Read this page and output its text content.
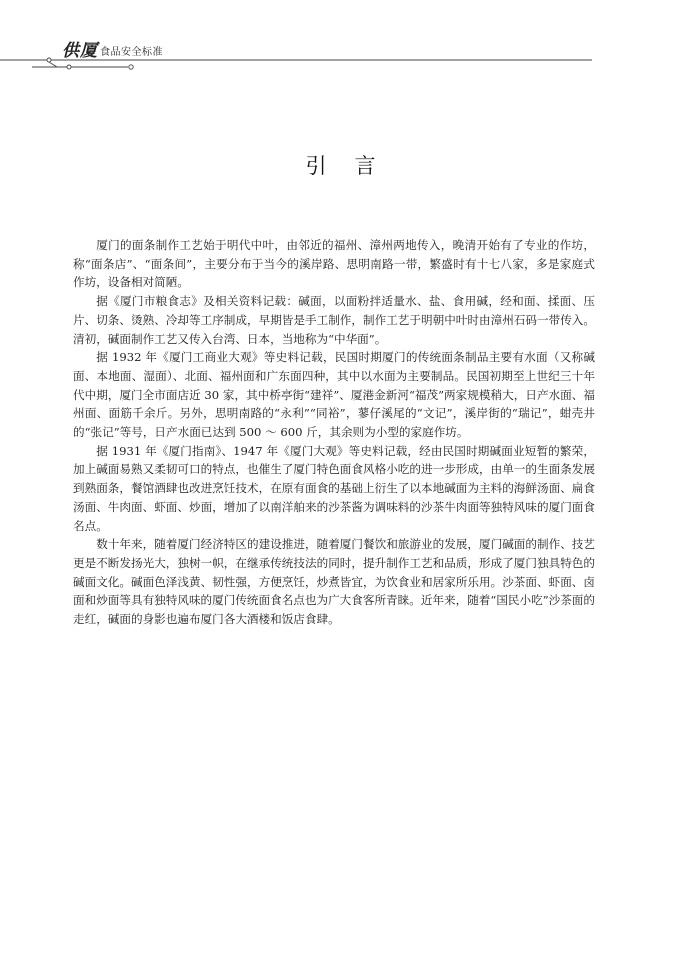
供厦 食品安全标准
引言

厦门的面条制作工艺始于明代中叶，由邻近的福州、漳州两地传入，晚清开始有了专业的作坊，称“面条店”、“面条间”，主要分布于当今的溪岸路、思明南路一带，繁盛时有十七八家，多是家庭式作坊，设备相对简陋。

据《厦门市粮食志》及相关资料记载：碱面，以面粉拌适量水、盐、食用碱，经和面、揉面、压片、切条、烫熟、冷却等工序制成，早期皆是手工制作，制作工艺于明朝中叶时由漳州石码一带传入。清初，碱面制作工艺又传入台湾、日本，当地称为“中华面”。

据 1932 年《厦门工商业大观》等史料记载，民国时期厦门的传统面条制品主要有水面（又称碱面、本地面、湿面）、北面、福州面和广东面四种，其中以水面为主要制品。民国初期至上世纪三十年代中期，厦门全市面店近 30 家，其中桥亭街“建祥”、厦港金新河“福茂”两家规模稍大，日产水面、福州面、面筋千余斤。另外，思明南路的“永利”“同裕”，蓼仔溪尾的“文记”，溪岸街的“瑞记”，蚶壳井的“张记”等号，日产水面已达到 500 ～ 600 斤，其余则为小型的家庭作坊。

据 1931 年《厦门指南》、1947 年《厦门大观》等史料记载，经由民国时期碱面业短暂的繁荣，加上碱面易熟又柔韧可口的特点，也催生了厦门特色面食风格小吃的进一步形成，由单一的生面条发展到熟面条，餐馆酒肆也改进烹饪技术，在原有面食的基础上衍生了以本地碱面为主料的海鲜汤面、扁食汤面、牛肉面、虾面、炒面，增加了以南洋舶来的沙茶酱为调味料的沙茶牛肉面等独特风味的厦门面食名点。

数十年来，随着厦门经济特区的建设推进，随着厦门餐饮和旅游业的发展，厦门碱面的制作、技艺更是不断发扬光大，独树一帜，在继承传统技法的同时，提升制作工艺和品质，形成了厦门独具特色的碱面文化。碱面色泽浅黄、韧性强，方便烹饪，炒煮皆宜，为饮食业和居家所乐用。沙茶面、虾面、卤面和炒面等具有独特风味的厦门传统面食名点也为广大食客所青睐。近年来，随着“国民小吃”沙茶面的走红，碱面的身影也遍布厦门各大酒楼和饭店食肆。
